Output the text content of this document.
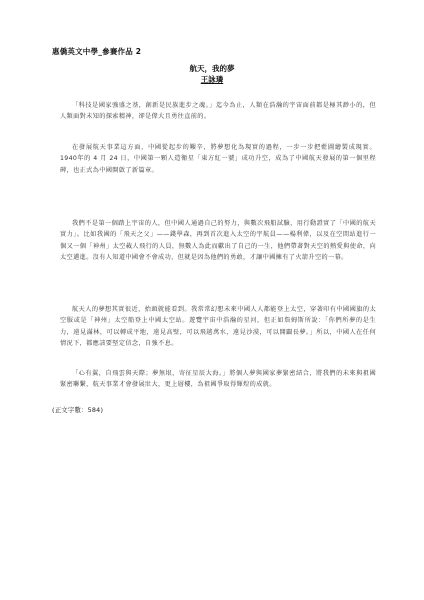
惠僑英文中學_參賽作品 2
航天，我的夢
王詠璘

「科技是國家強盛之基，創新是民族進步之魂。」迄今為止，人類在浩瀚的宇宙面前都是極其渺小的，但人類面對未知的探索精神，卻是偉大且勇往直前的。

在發展航天事業這方面，中國從起步的艱辛，將夢想化為現實的過程，一步一步把藍圖繪製成現實。1940年的 4 月 24 日，中國第一顆人造衛星「東方紅一號」成功升空，成為了中國航天發展的第一個里程碑，也正式為中國開啟了新篇章。

我們不是第一個踏上宇宙的人，但中國人通過自己的努力，與數次飛船試驗，用行動證實了「中國的航天實力」。比如我國的「飛天之父」——錢學森，再到首次進入太空的宇航員——楊利偉，以及在空間站進行一個又一個「神州」太空載人飛行的人員，無數人為此而獻出了自己的一生，他們帶著對天空的熱愛與使命，向太空邁進。沒有人知道中國會不會成功，但就是因為他們的勇敢，才讓中國擁有了火箭升空的一幕。

航天人的夢想其實很近，抬頭就能看到。我常常幻想未來中國人人都能登上太空，穿著印有中國國旗的太空服或是「神州」太空船登上中國太空站。遊覽宇宙中浩瀚的星河，但正如詹姆斯所說：「你們所夢的是生力，遠見滿林，可以轉成平地，遠見高壁，可以飛越萬水，遠見沙漠，可以開闢長夢。」所以，中國人在任何情況下，都應該要堅定信念，自強不息。

「心有翼，自飛雲與天際；夢無垠，寄征星辰大海。」將個人夢與國家夢緊密結合，將我們的未來與祖國緊密聯繫，航天事業才會發展壯大，更上層樓，為祖國爭取得輝煌的成就。

(正文字數：584)
